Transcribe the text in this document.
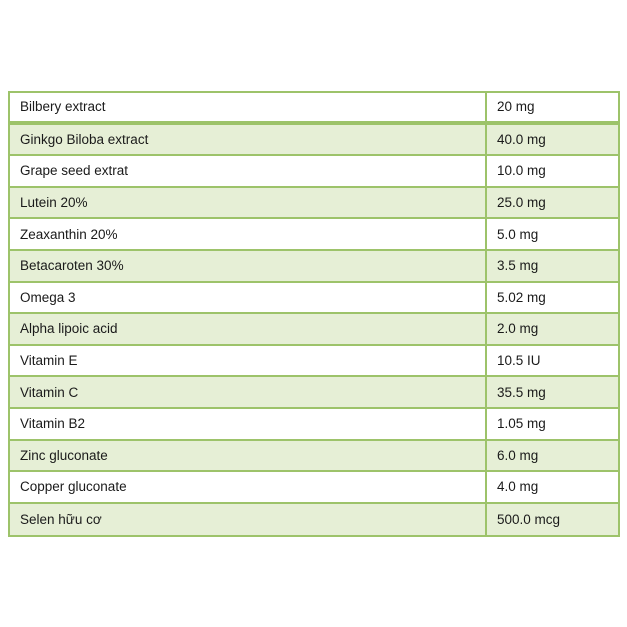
Bilbery extract	20 mg
Ginkgo Biloba extract	40.0 mg
Grape seed extrat	10.0 mg
Lutein 20%	25.0 mg
Zeaxanthin 20%	5.0 mg
Betacaroten 30%	3.5 mg
Omega 3	5.02 mg
Alpha lipoic acid	2.0 mg
Vitamin E	10.5 IU
Vitamin C	35.5 mg
Vitamin B2	1.05 mg
Zinc gluconate	6.0 mg
Copper gluconate	4.0 mg
Selen hữu cơ	500.0 mcg
